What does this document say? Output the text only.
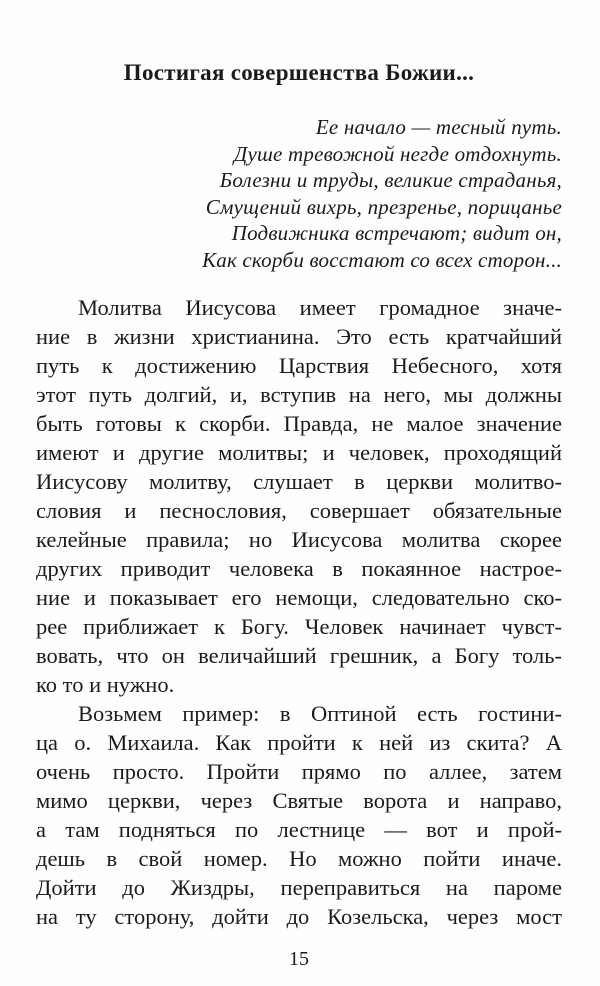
Постигая совершенства Божии...
Ее начало — тесный путь.
Душе тревожной негде отдохнуть.
Болезни и труды, великие страданья,
Смущений вихрь, презренье, порицанье
Подвижника встречают; видит он,
Как скорби восстают со всех сторон...
Молитва Иисусова имеет громадное значе-
ние в жизни христианина. Это есть кратчайший
путь к достижению Царствия Небесного, хотя
этот путь долгий, и, вступив на него, мы должны
быть готовы к скорби. Правда, не малое значение
имеют и другие молитвы; и человек, проходящий
Иисусову молитву, слушает в церкви молитво-
словия и песнословия, совершает обязательные
келейные правила; но Иисусова молитва скорее
других приводит человека в покаянное настрое-
ние и показывает его немощи, следовательно ско-
рее приближает к Богу. Человек начинает чувст-
вовать, что он величайший грешник, а Богу толь-
ко то и нужно.
Возьмем пример: в Оптиной есть гостини-
ца о. Михаила. Как пройти к ней из скита? А
очень просто. Пройти прямо по аллее, затем
мимо церкви, через Святые ворота и направо,
а там подняться по лестнице — вот и прой-
дешь в свой номер. Но можно пойти иначе.
Дойти до Жиздры, переправиться на пароме
на ту сторону, дойти до Козельска, через мост
15
